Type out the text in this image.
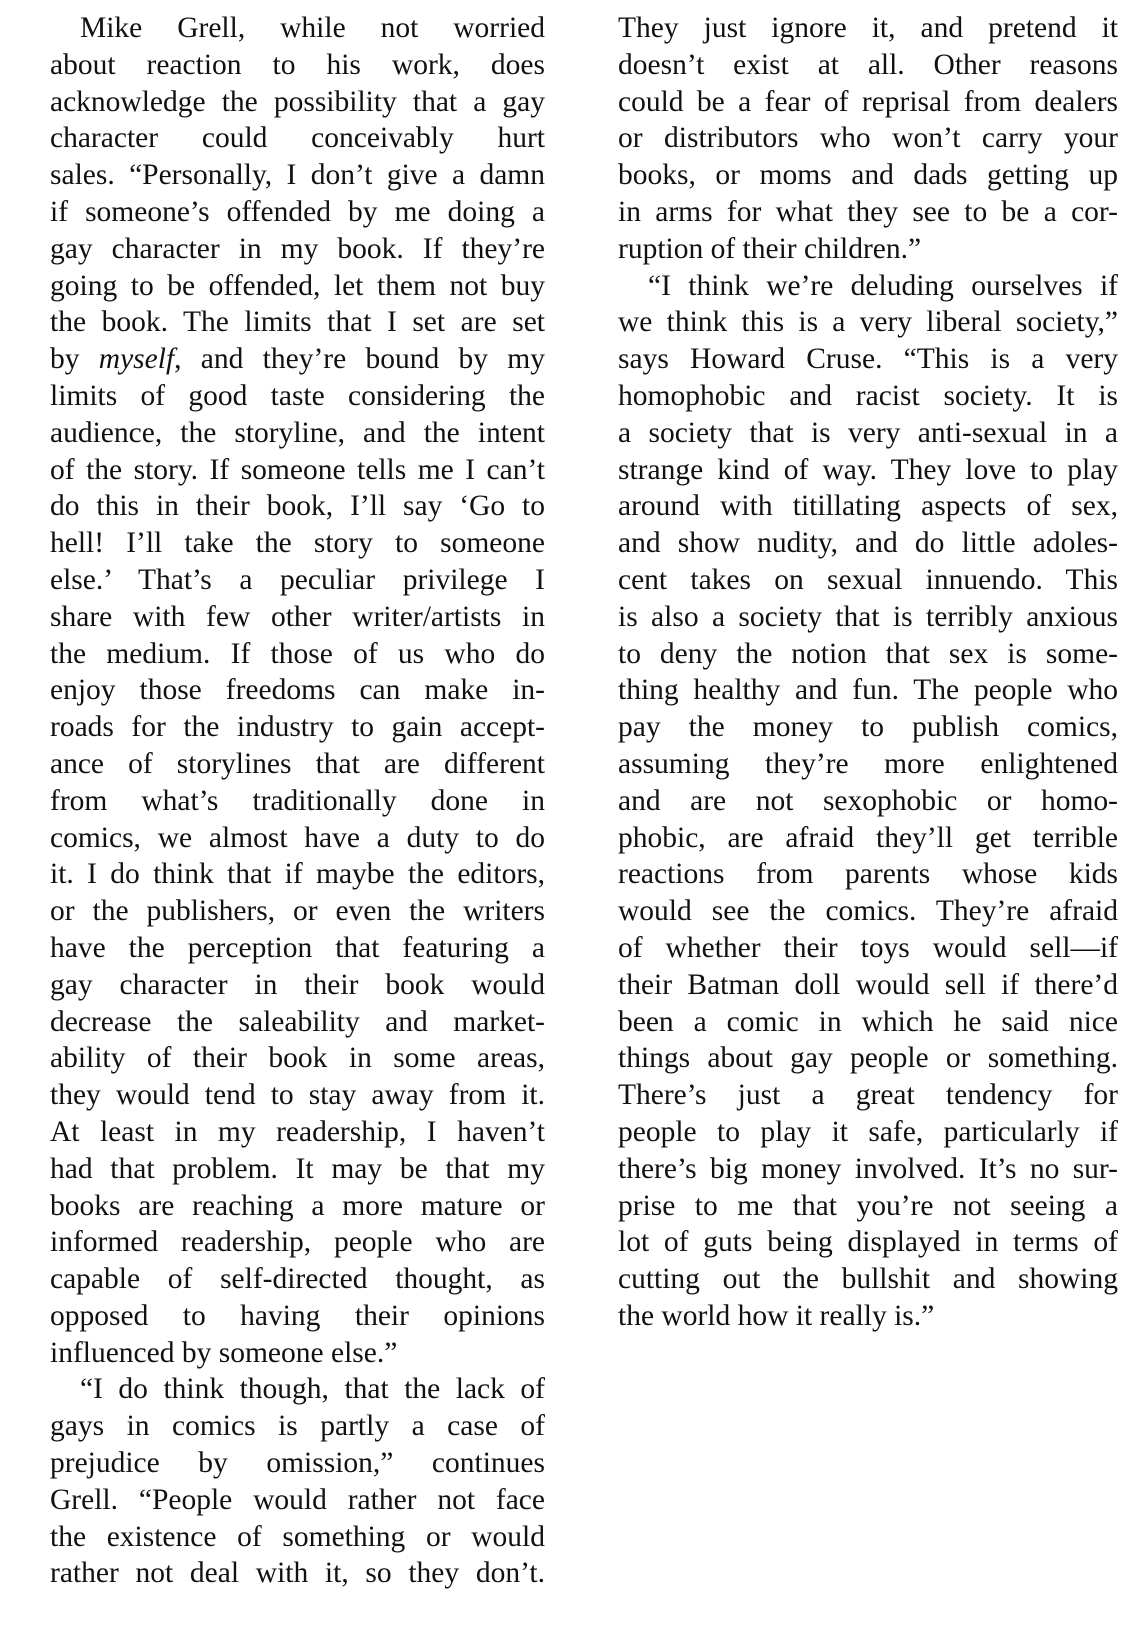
Mike Grell, while not worried
about reaction to his work, does
acknowledge the possibility that a gay
character could conceivably hurt
sales. “Personally, I don’t give a damn
if someone’s offended by me doing a
gay character in my book. If they’re
going to be offended, let them not buy
the book. The limits that I set are set
by myself, and they’re bound by my
limits of good taste considering the
audience, the storyline, and the intent
of the story. If someone tells me I can’t
do this in their book, I’ll say ‘Go to
hell! I’ll take the story to someone
else.’ That’s a peculiar privilege I
share with few other writer/artists in
the medium. If those of us who do
enjoy those freedoms can make in-
roads for the industry to gain accept-
ance of storylines that are different
from what’s traditionally done in
comics, we almost have a duty to do
it. I do think that if maybe the editors,
or the publishers, or even the writers
have the perception that featuring a
gay character in their book would
decrease the saleability and market-
ability of their book in some areas,
they would tend to stay away from it.
At least in my readership, I haven’t
had that problem. It may be that my
books are reaching a more mature or
informed readership, people who are
capable of self-directed thought, as
opposed to having their opinions
influenced by someone else.”
“I do think though, that the lack of
gays in comics is partly a case of
prejudice by omission,” continues
Grell. “People would rather not face
the existence of something or would
rather not deal with it, so they don’t.
They just ignore it, and pretend it
doesn’t exist at all. Other reasons
could be a fear of reprisal from dealers
or distributors who won’t carry your
books, or moms and dads getting up
in arms for what they see to be a cor-
ruption of their children.”
“I think we’re deluding ourselves if
we think this is a very liberal society,”
says Howard Cruse. “This is a very
homophobic and racist society. It is
a society that is very anti-sexual in a
strange kind of way. They love to play
around with titillating aspects of sex,
and show nudity, and do little adoles-
cent takes on sexual innuendo. This
is also a society that is terribly anxious
to deny the notion that sex is some-
thing healthy and fun. The people who
pay the money to publish comics,
assuming they’re more enlightened
and are not sexophobic or homo-
phobic, are afraid they’ll get terrible
reactions from parents whose kids
would see the comics. They’re afraid
of whether their toys would sell—if
their Batman doll would sell if there’d
been a comic in which he said nice
things about gay people or something.
There’s just a great tendency for
people to play it safe, particularly if
there’s big money involved. It’s no sur-
prise to me that you’re not seeing a
lot of guts being displayed in terms of
cutting out the bullshit and showing
the world how it really is.”
